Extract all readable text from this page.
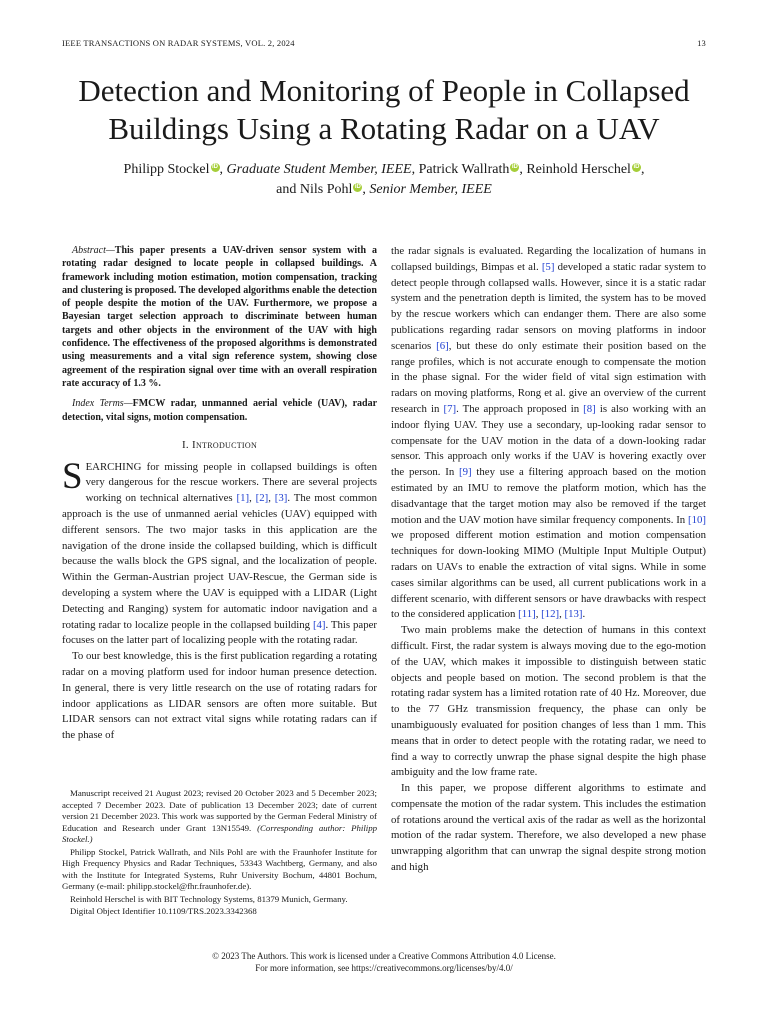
IEEE TRANSACTIONS ON RADAR SYSTEMS, VOL. 2, 2024	13
Detection and Monitoring of People in Collapsed Buildings Using a Rotating Radar on a UAV
Philipp Stockel iD , Graduate Student Member, IEEE, Patrick Wallrath iD , Reinhold Herschel iD ,
and Nils Pohl iD , Senior Member, IEEE

Abstract—This paper presents a UAV-driven sensor system with a rotating radar designed to locate people in collapsed buildings. A framework including motion estimation, motion compensation, tracking and clustering is proposed. The developed algorithms enable the detection of people despite the motion of the UAV. Furthermore, we propose a Bayesian target selection approach to discriminate between human targets and other objects in the environment of the UAV with high confidence. The effectiveness of the proposed algorithms is demonstrated using measurements and a vital sign reference system, showing close agreement of the respiration signal over time with an overall respiration rate accuracy of 1.3 %.

Index Terms—FMCW radar, unmanned aerial vehicle (UAV), radar detection, vital signs, motion compensation.

I. Introduction

SEARCHING for missing people in collapsed buildings is often very dangerous for the rescue workers. There are several projects working on technical alternatives [1], [2], [3]. The most common approach is the use of unmanned aerial vehicles (UAV) equipped with different sensors. The two major tasks in this application are the navigation of the drone inside the collapsed building, which is difficult because the walls block the GPS signal, and the localization of people. Within the German-Austrian project UAV-Rescue, the German side is developing a system where the UAV is equipped with a LIDAR (Light Detecting and Ranging) system for automatic indoor navigation and a rotating radar to localize people in the collapsed building [4]. This paper focuses on the latter part of localizing people with the rotating radar.

To our best knowledge, this is the first publication regarding a rotating radar on a moving platform used for indoor human presence detection. In general, there is very little research on the use of rotating radars for indoor applications as LIDAR sensors are often more suitable. But LIDAR sensors can not extract vital signs while rotating radars can if the phase of

the radar signals is evaluated. Regarding the localization of humans in collapsed buildings, Bimpas et al. [5] developed a static radar system to detect people through collapsed walls. However, since it is a static radar system and the penetration depth is limited, the system has to be moved by the rescue workers which can endanger them. There are also some publications regarding radar sensors on moving platforms in indoor scenarios [6], but these do only estimate their position based on the range profiles, which is not accurate enough to compensate the motion in the phase signal. For the wider field of vital sign estimation with radars on moving platforms, Rong et al. give an overview of the current research in [7]. The approach proposed in [8] is also working with an indoor flying UAV. They use a secondary, up-looking radar sensor to compensate for the UAV motion in the data of a down-looking radar sensor. This approach only works if the UAV is hovering exactly over the person. In [9] they use a filtering approach based on the motion estimated by an IMU to remove the platform motion, which has the disadvantage that the target motion may also be removed if the target motion and the UAV motion have similar frequency components. In [10] we proposed different motion estimation and motion compensation techniques for down-looking MIMO (Multiple Input Multiple Output) radars on UAVs to enable the extraction of vital signs. While in some cases similar algorithms can be used, all current publications work in a different scenario, with different sensors or have drawbacks with respect to the considered application [11], [12], [13].

Two main problems make the detection of humans in this context difficult. First, the radar system is always moving due to the ego-motion of the UAV, which makes it impossible to distinguish between static objects and people based on motion. The second problem is that the rotating radar system has a limited rotation rate of 40 Hz. Moreover, due to the 77 GHz transmission frequency, the phase can only be unambiguously evaluated for position changes of less than 1 mm. This means that in order to detect people with the rotating radar, we need to find a way to correctly unwrap the phase signal despite the high phase ambiguity and the low frame rate.

In this paper, we propose different algorithms to estimate and compensate the motion of the radar system. This includes the estimation of rotations around the vertical axis of the radar as well as the horizontal motion of the radar system. Therefore, we also developed a new phase unwrapping algorithm that can unwrap the signal despite strong motion and high

Manuscript received 21 August 2023; revised 20 October 2023 and 5 December 2023; accepted 7 December 2023. Date of publication 13 December 2023; date of current version 21 December 2023. This work was supported by the German Federal Ministry of Education and Research under Grant 13N15549. (Corresponding author: Philipp Stockel.)

Philipp Stockel, Patrick Wallrath, and Nils Pohl are with the Fraunhofer Institute for High Frequency Physics and Radar Techniques, 53343 Wachtberg, Germany, and also with the Institute for Integrated Systems, Ruhr University Bochum, 44801 Bochum, Germany (e-mail: philipp.stockel@fhr.fraunhofer.de).

Reinhold Herschel is with BIT Technology Systems, 81379 Munich, Germany.

Digital Object Identifier 10.1109/TRS.2023.3342368

© 2023 The Authors. This work is licensed under a Creative Commons Attribution 4.0 License.
For more information, see https://creativecommons.org/licenses/by/4.0/
